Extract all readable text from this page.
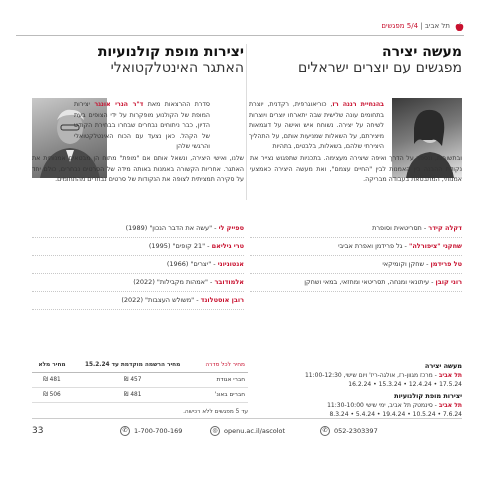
תל אביב | 5/4 מפגשים
מעשה יצירה
מפגשים עם יוצרים ישראלים
בהנחיית רננה רז, כוריאוגרפית, רקדנית, יוצרת בתחומים עונה שלישית שבה יתארחו יוצרים ויוצרות לשיחה על יצירה. נשוחח איש ואישה על דוגמאות מיצירתם, על השאלות שמניעות אותם, על התהליך היצירתי שלהם, בשאלות, בלבטים, בתהיות
ובתשובות, ונספר על הדרך ואיפה שיצירה מעצימה. בתכניות שתפגוש נצייר את נקודת ההבנה בין האמנות לבין "החיים עצמם", ואת מעשה היצירה כאמצעי אמנותי, המתבטאת בעבודה מבריקה.
יצירות מופת קולנועיות
האתגר האינטלקטואלי
סדרת ההרצאות מאת ד"ר הנרי אונגר יצירות המופת של הקולנוע מופקרות על ידי הצופים בעת הדיון, כבר ניתוחים נבחרים שבחרו בבחירת הקודש של הקהל. כאן נצעד עם הכוח האינטלקטואלי והרגשי שלהן
שלנו, ואישי היצירה, ונשאל אותם אם "מופת" מתוח הן מבטאים אמנותית את האתגר. אחריות הקשורה באמנות באותה מידה של הסרטים נבחרים, כולם יחד על סקירה תמציתית לצופה את הנקודות של סרטים נבחרים מהתחומים.
דקלה קידר - תסריטאית וסופרת
שחקני "ציפורלה" - גל פרידמן ואפרת אביבי
טל פרידמן - שחקן וקומיקאי
רוני קובן - עיתונאי ומנחה, תסריטאי ומחזאי, במאי ושחקן
ספייק לי - "עשה את הדבר הנכון" (1989)
טרי גיליאם - "21 קופים" (1995)
אנטוניוני - "יצרים" (1966)
אלמודובר - "אמהות מקבילות" (2022)
רובן אוסטלונד - "משולש העצבות" (2022)
מחיר לכל סדרה	מחיר הרשמה מוקדמת עד 15.2.24	מחיר מלא
חברי אגודת	457 ₪	481 ₪
חברים באונ'	481 ₪	506 ₪
עד 5 מפגשים ללא רכישה.
מעשה יצירה
תל אביב - מרכז מגוון-רז, אולגה-ריז' ויום שישי, 11:00-12:30
17.5.24 • 12.4.24 • 15.3.24 • 16.2.24
יצירות מופת קולנועיות
תל אביב - סינמטק תל אביב, ימי שישי 11:30-10:00
7.6.24 • 10.5.24 • 19.4.24 • 5.4.24 • 8.3.24
33	✆ 1-700-700-169	◎ openu.ac.il/ascolot	✆ 052-2303397
